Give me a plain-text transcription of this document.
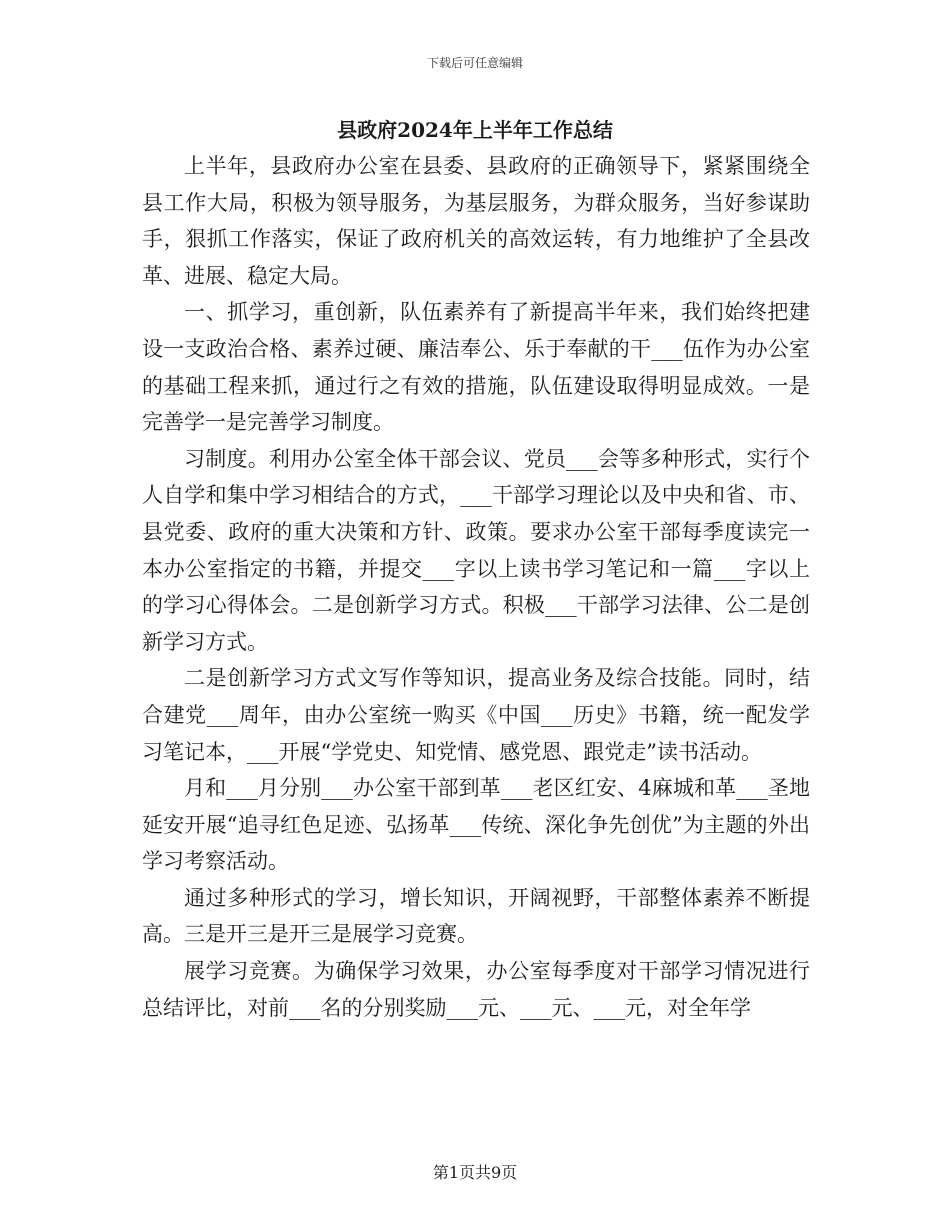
下载后可任意编辑
县政府2024年上半年工作总结

上半年，县政府办公室在县委、县政府的正确领导下，紧紧围绕全县工作大局，积极为领导服务，为基层服务，为群众服务，当好参谋助手，狠抓工作落实，保证了政府机关的高效运转，有力地维护了全县改革、进展、稳定大局。

一、抓学习，重创新，队伍素养有了新提高半年来，我们始终把建设一支政治合格、素养过硬、廉洁奉公、乐于奉献的干___伍作为办公室的基础工程来抓，通过行之有效的措施，队伍建设取得明显成效。一是完善学一是完善学习制度。

习制度。利用办公室全体干部会议、党员___会等多种形式，实行个人自学和集中学习相结合的方式，___干部学习理论以及中央和省、市、县党委、政府的重大决策和方针、政策。要求办公室干部每季度读完一本办公室指定的书籍，并提交___字以上读书学习笔记和一篇___字以上的学习心得体会。二是创新学习方式。积极___干部学习法律、公二是创新学习方式。

二是创新学习方式文写作等知识，提高业务及综合技能。同时，结合建党___周年，由办公室统一购买《中国___历史》书籍，统一配发学习笔记本，___开展“学党史、知党情、感党恩、跟党走”读书活动。

月和___月分别___办公室干部到革___老区红安、4麻城和革___圣地延安开展“追寻红色足迹、弘扬革___传统、深化争先创优”为主题的外出学习考察活动。

通过多种形式的学习，增长知识，开阔视野，干部整体素养不断提高。三是开三是开三是展学习竞赛。

展学习竞赛。为确保学习效果，办公室每季度对干部学习情况进行总结评比，对前___名的分别奖励___元、___元、___元，对全年学

第1页共9页
